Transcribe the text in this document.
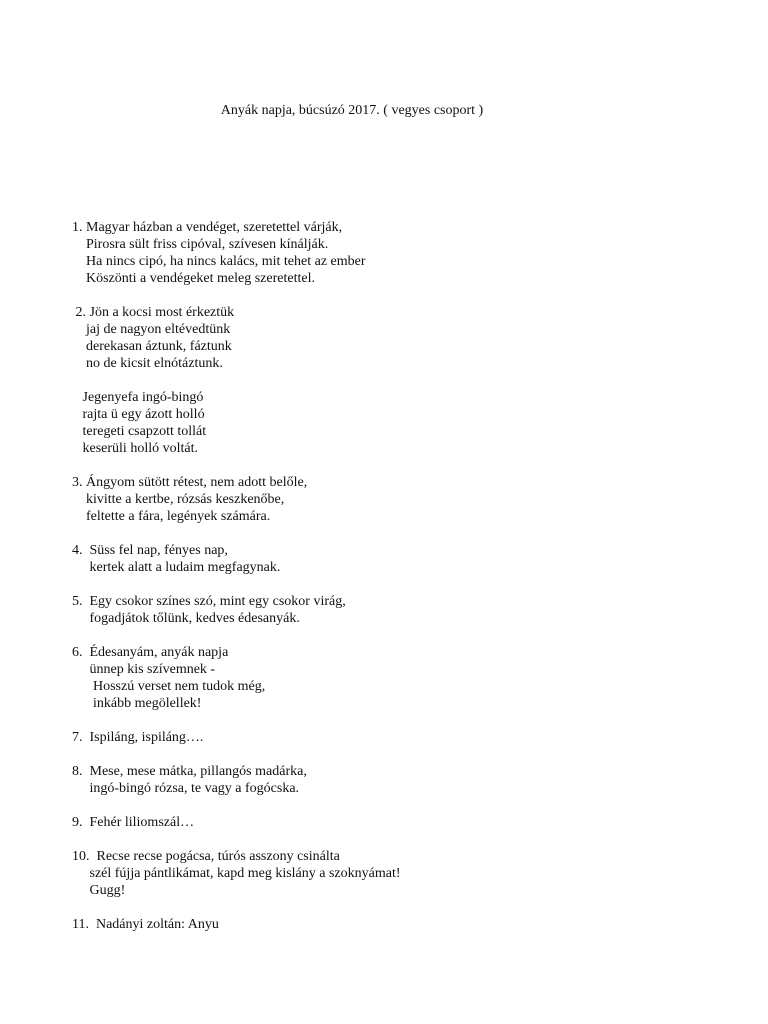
Anyák napja, búcsúzó 2017. ( vegyes csoport )
1. Magyar házban a vendéget, szeretettel várják,
Pirosra sült friss cipóval, szívesen kínálják.
Ha nincs cipó, ha nincs kalács, mit tehet az ember
Köszönti a vendégeket meleg szeretettel.
2. Jön a kocsi most érkeztük
jaj de nagyon eltévedtünk
derekasan áztunk, fáztunk
no de kicsit elnótáztunk.
Jegenyefa ingó-bingó
rajta ü egy ázott holló
teregeti csapzott tollát
keserüli holló voltát.
3. Ángyom sütött rétest, nem adott belőle,
kivitte a kertbe, rózsás keszkenőbe,
feltette a fára, legények számára.
4.  Süss fel nap, fényes nap,
kertek alatt a ludaim megfagynak.
5.  Egy csokor színes szó, mint egy csokor virág,
fogadjátok tőlünk, kedves édesanyák.
6.  Édesanyám, anyák napja
ünnep kis szívemnek -
Hosszú verset nem tudok még,
inkább megölellek!
7.  Ispiláng, ispiláng….
8.  Mese, mese mátka, pillangós madárka,
ingó-bingó rózsa, te vagy a fogócska.
9.  Fehér liliomszál…
10.  Recse recse pogácsa, túrós asszony csinálta
szél fújja pántlikámat, kapd meg kislány a szoknyámat!
Gugg!
11.  Nadányi zoltán: Anyu
